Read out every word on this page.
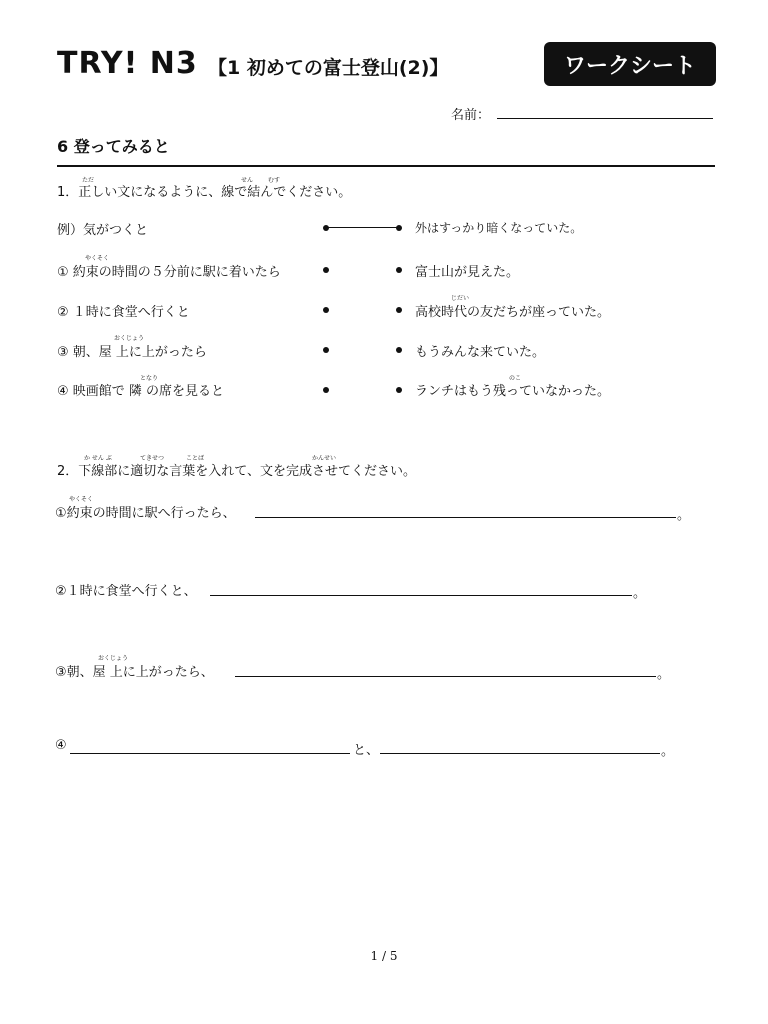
TRY! N3 【1 初めての富士登山(2)】	ワークシート
名前：
6 登ってみると
ただ	せん むす
1．正しい文になるように、線で結んでください。
例）気がつくと	外はすっかり暗くなっていた。
やくそく
① 約束の時間の５分前に駅に着いたら	富士山が見えた。
じだい
② １時に食堂へ行くと	高校時代の友だちが座っていた。
おくじょう
③ 朝、屋 上に上がったら	もうみんな来ていた。
となり	のこ
④ 映画館で 隣 の席を見ると	ランチはもう残っていなかった。
か せん ぶ	てきせつ	ことば	かんせい
2．下線部に適切な言葉を入れて、文を完成させてください。
やくそく
①約束の時間に駅へ行ったら、	。
②１時に食堂へ行くと、	。
おくじょう
③朝、屋 上に上がったら、	。
④	と、	。
1 / 5
